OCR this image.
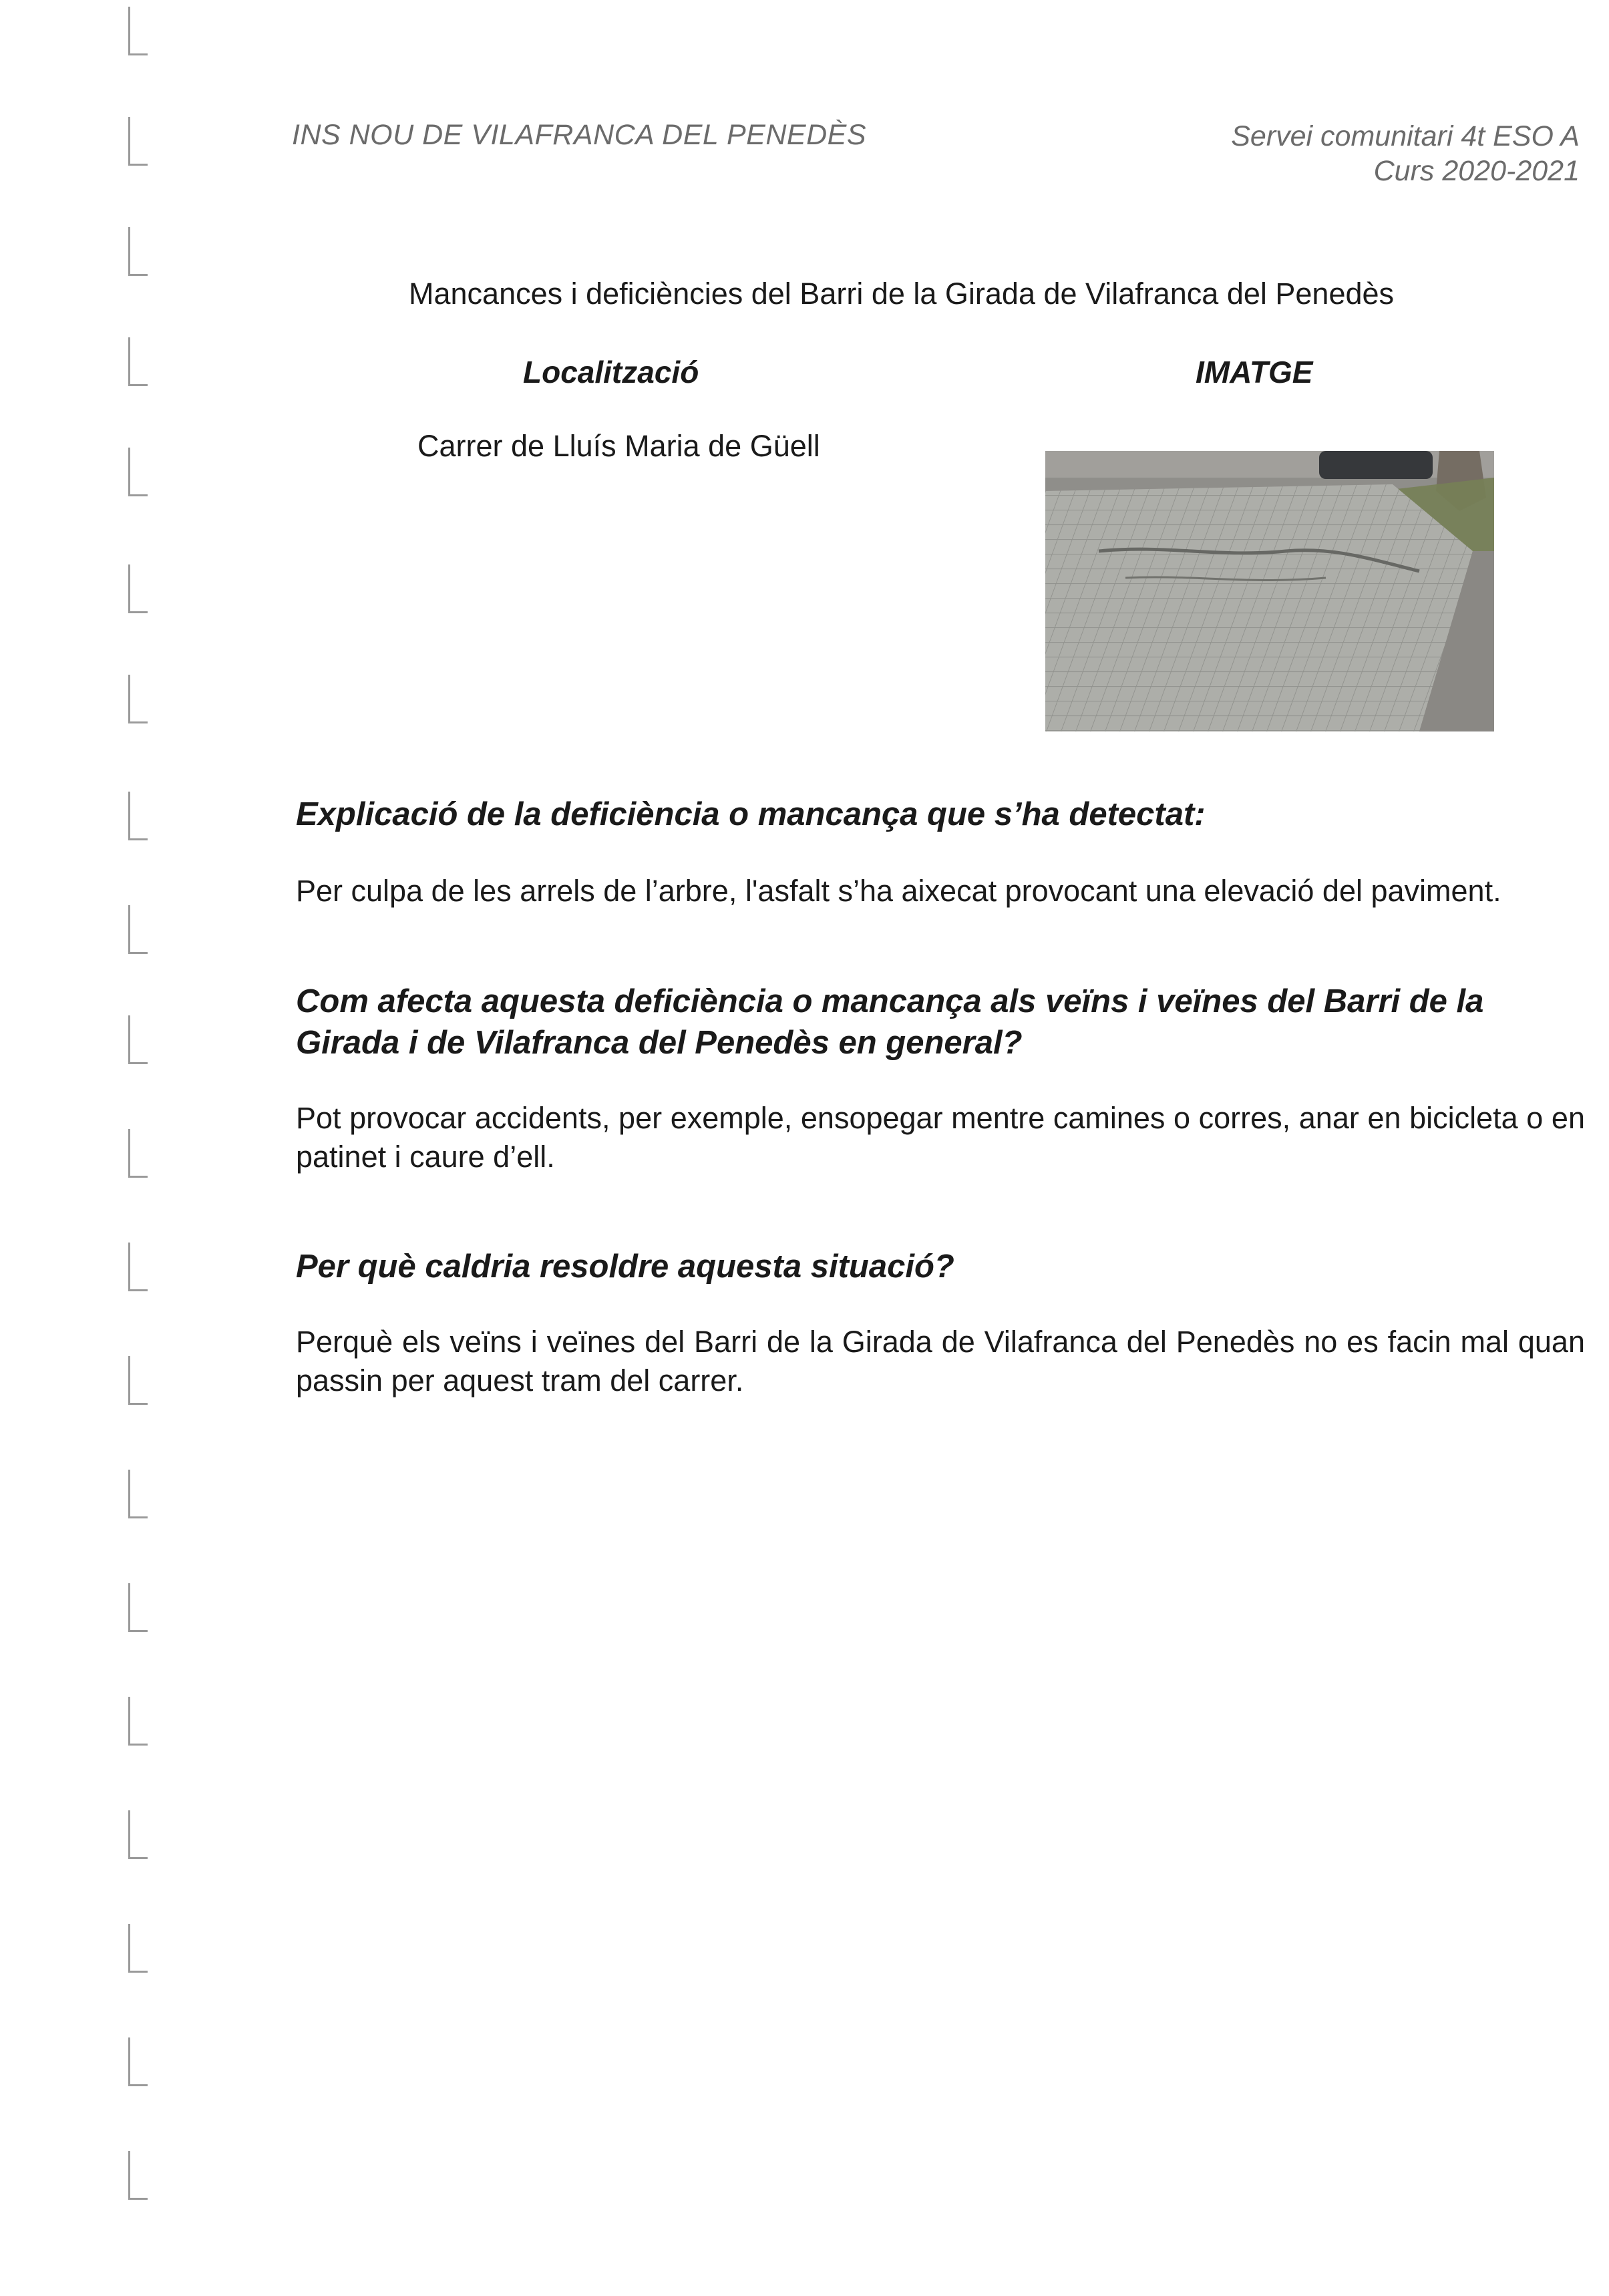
INS NOU DE VILAFRANCA DEL PENEDÈS	Servei comunitari 4t ESO A
Curs 2020-2021
Mancances i deficiències del Barri de la Girada de Vilafranca del Penedès
Localització	IMATGE
Carrer de Lluís Maria de Güell
Explicació de la deficiència o mancança que s’ha detectat:
Per culpa de les arrels de l’arbre, l'asfalt s’ha aixecat provocant una elevació del paviment.
Com afecta aquesta deficiència o mancança als veïns i veïnes del Barri de la Girada i de Vilafranca del Penedès en general?
Pot provocar accidents, per exemple, ensopegar mentre camines o corres, anar en bicicleta o en patinet i caure d’ell.
Per què caldria resoldre aquesta situació?
Perquè els veïns i veïnes del Barri de la Girada de Vilafranca del Penedès no es facin mal quan passin per aquest tram del carrer.
